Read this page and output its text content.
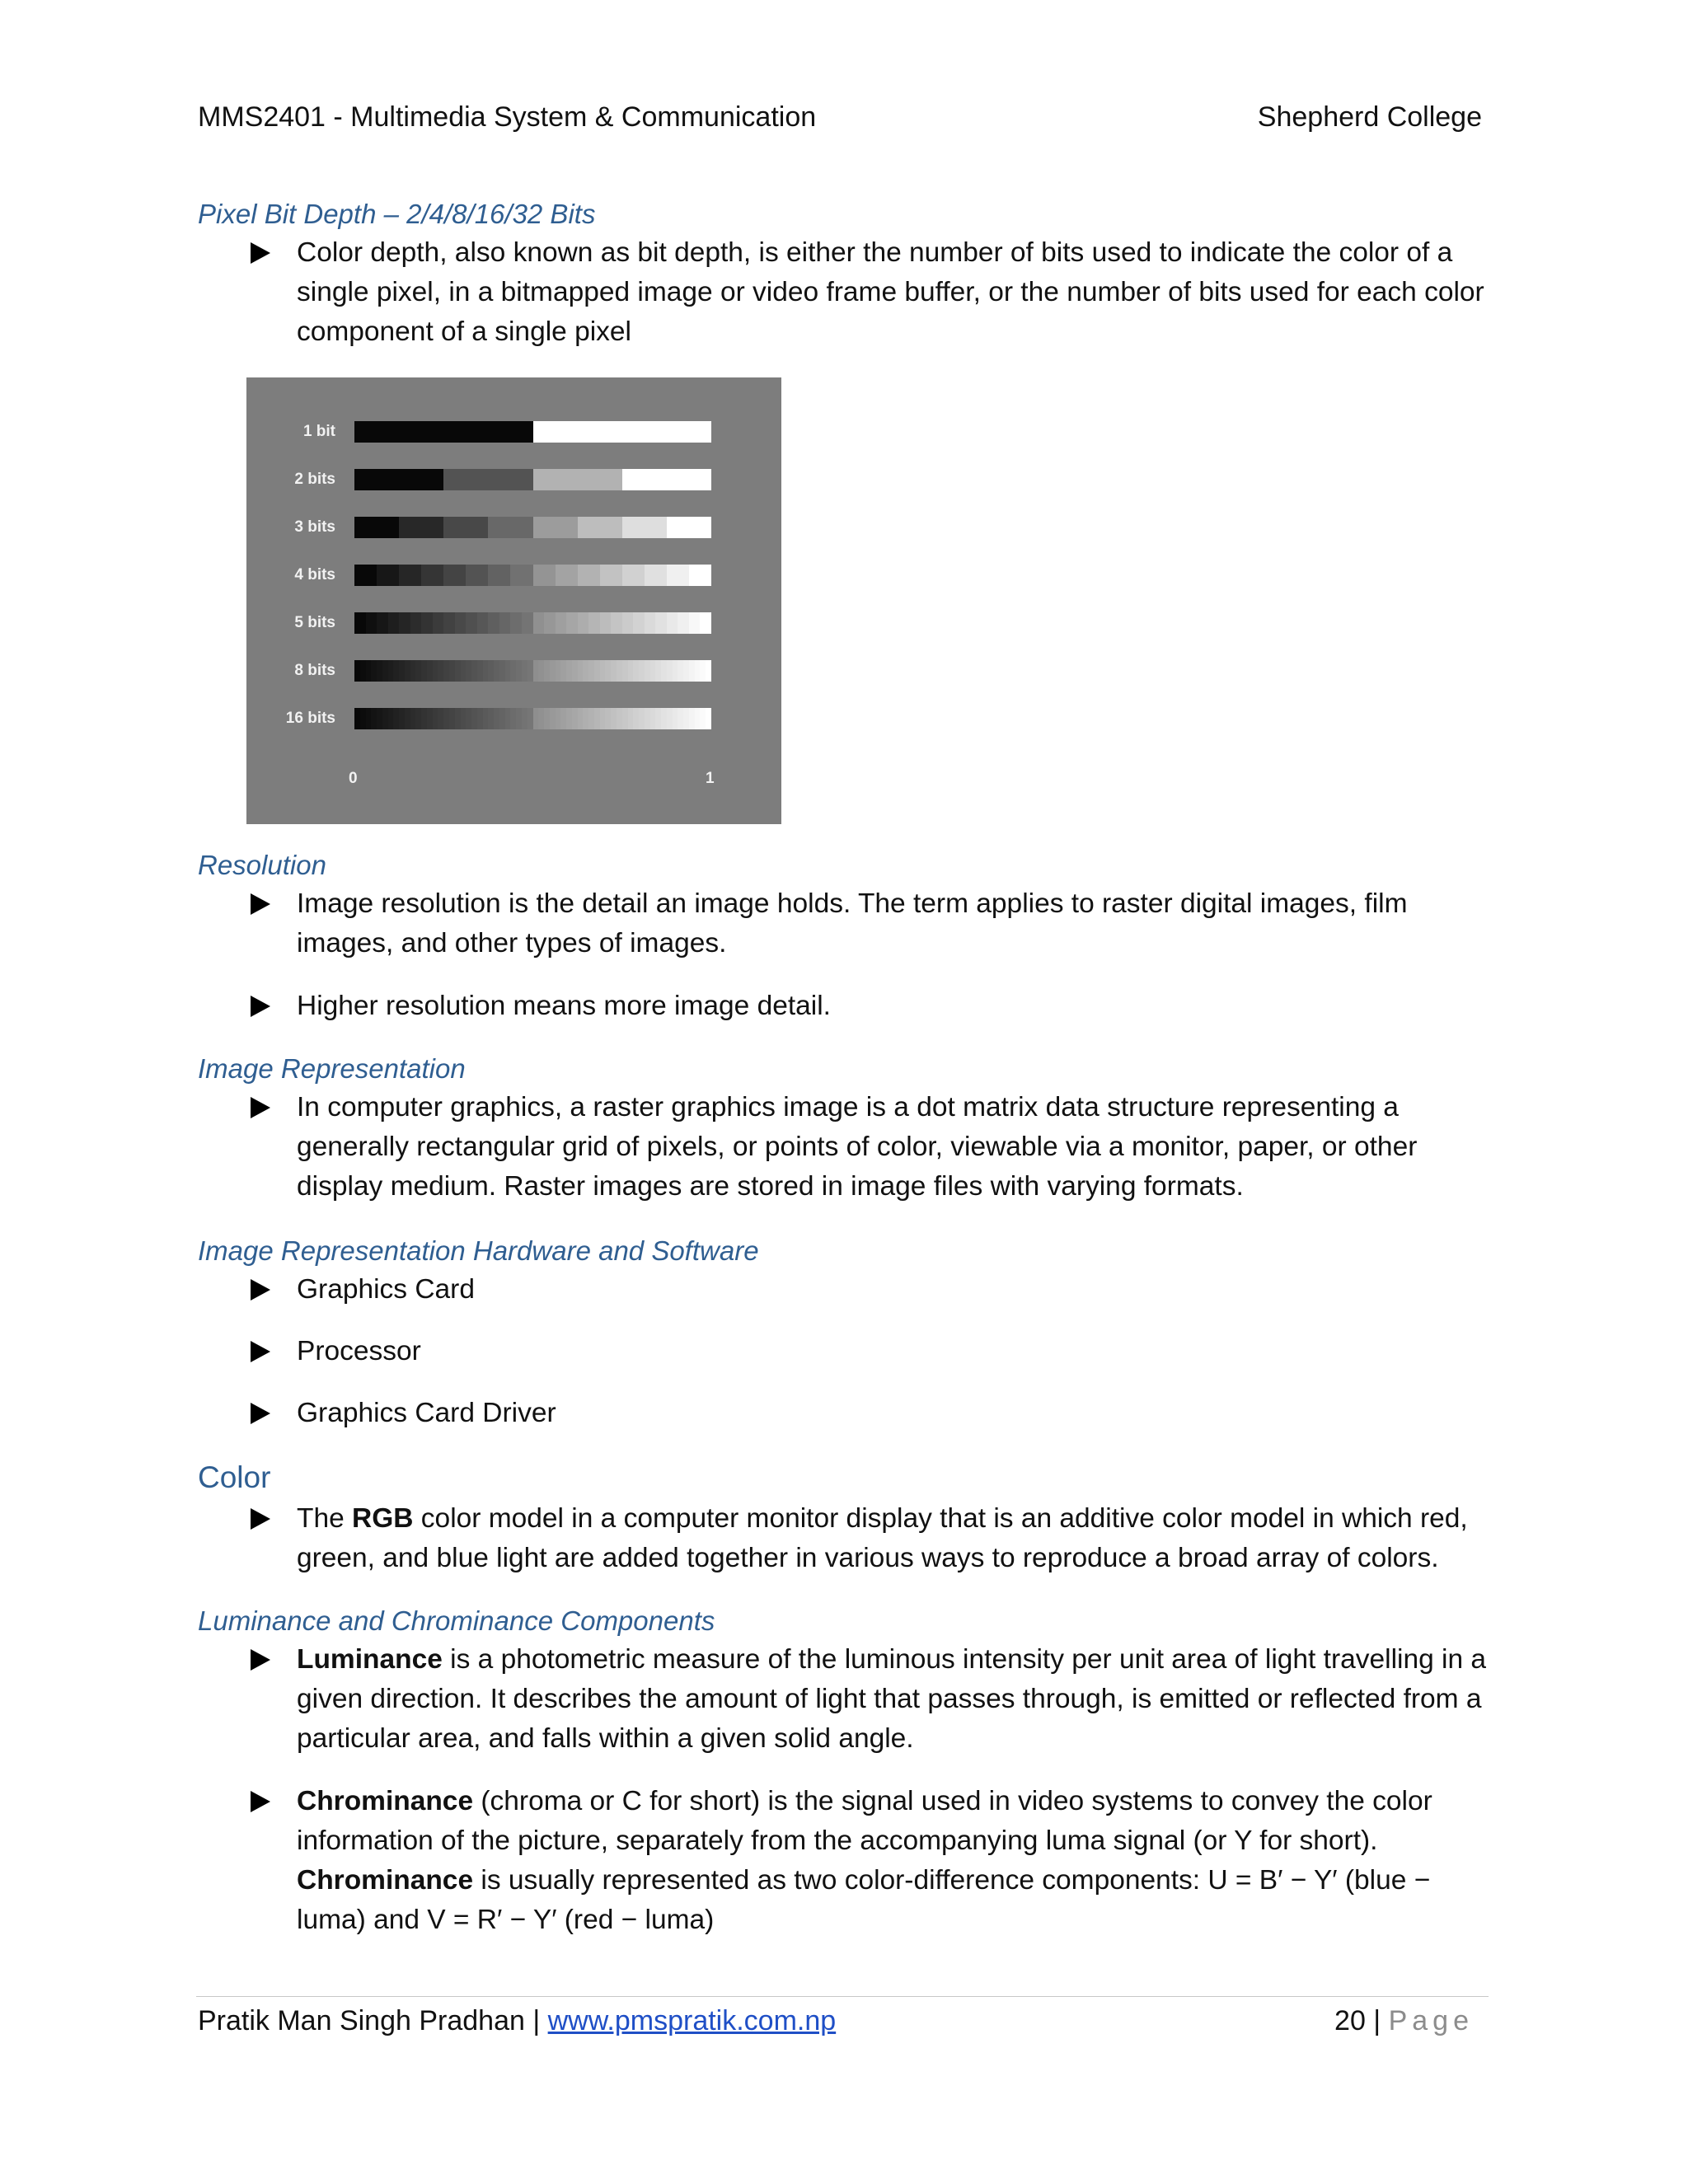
MMS2401 - Multimedia System & Communication	Shepherd College
Pixel Bit Depth – 2/4/8/16/32 Bits
Color depth, also known as bit depth, is either the number of bits used to indicate the color of a single pixel, in a bitmapped image or video frame buffer, or the number of bits used for each color component of a single pixel
1 bit
2 bits
3 bits
4 bits
5 bits
8 bits
16 bits
0	1
Resolution
Image resolution is the detail an image holds. The term applies to raster digital images, film images, and other types of images.
Higher resolution means more image detail.
Image Representation
In computer graphics, a raster graphics image is a dot matrix data structure representing a generally rectangular grid of pixels, or points of color, viewable via a monitor, paper, or other display medium. Raster images are stored in image files with varying formats.
Image Representation Hardware and Software
Graphics Card
Processor
Graphics Card Driver
Color
The RGB color model in a computer monitor display that is an additive color model in which red, green, and blue light are added together in various ways to reproduce a broad array of colors.
Luminance and Chrominance Components
Luminance is a photometric measure of the luminous intensity per unit area of light travelling in a given direction. It describes the amount of light that passes through, is emitted or reflected from a particular area, and falls within a given solid angle.
Chrominance (chroma or C for short) is the signal used in video systems to convey the color information of the picture, separately from the accompanying luma signal (or Y for short). Chrominance is usually represented as two color-difference components: U = B′ − Y′ (blue − luma) and V = R′ − Y′ (red − luma)
Pratik Man Singh Pradhan | www.pmspratik.com.np	20 | Page
